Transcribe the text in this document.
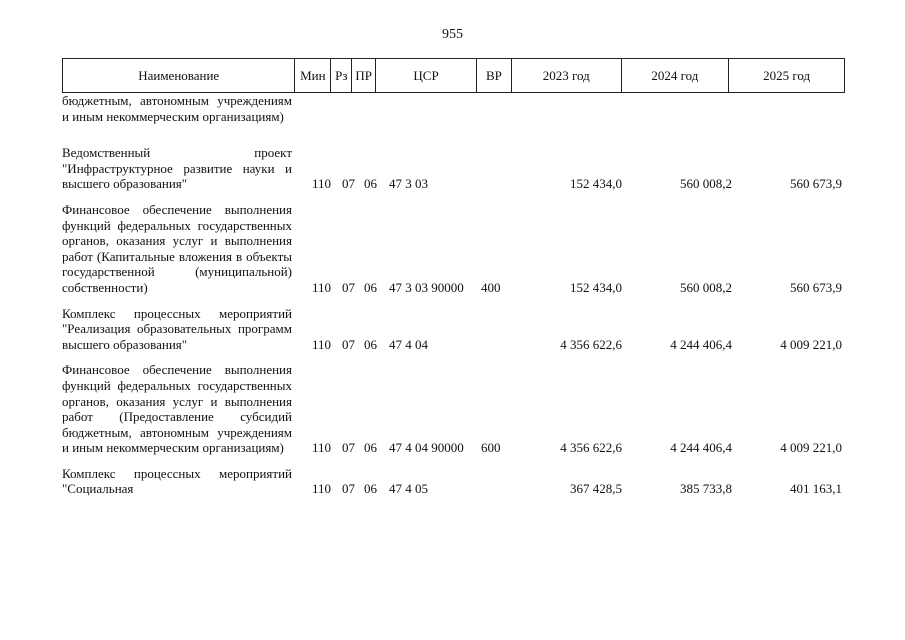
955
Наименование	Мин Рз ПР	ЦСР	ВР	2023 год	2024 год	2025 год
бюджетным, автономным учреждениям и иным некоммерческим организациям)
Ведомственный проект "Инфраструктурное развитие науки и высшего образования"	110 07 06 47 3 03	152 434,0	560 008,2	560 673,9
Финансовое обеспечение выполнения функций федеральных государственных органов, оказания услуг и выполнения работ (Капитальные вложения в объекты государственной (муниципальной) собственности)	110 07 06 47 3 03 90000	400	152 434,0	560 008,2	560 673,9
Комплекс процессных мероприятий "Реализация образовательных программ высшего образования"	110 07 06 47 4 04	4 356 622,6	4 244 406,4	4 009 221,0
Финансовое обеспечение выполнения функций федеральных государственных органов, оказания услуг и выполнения работ (Предоставление субсидий бюджетным, автономным учреждениям и иным некоммерческим организациям)	110 07 06 47 4 04 90000	600	4 356 622,6	4 244 406,4	4 009 221,0
Комплекс процессных мероприятий "Социальная	110 07 06 47 4 05	367 428,5	385 733,8	401 163,1
